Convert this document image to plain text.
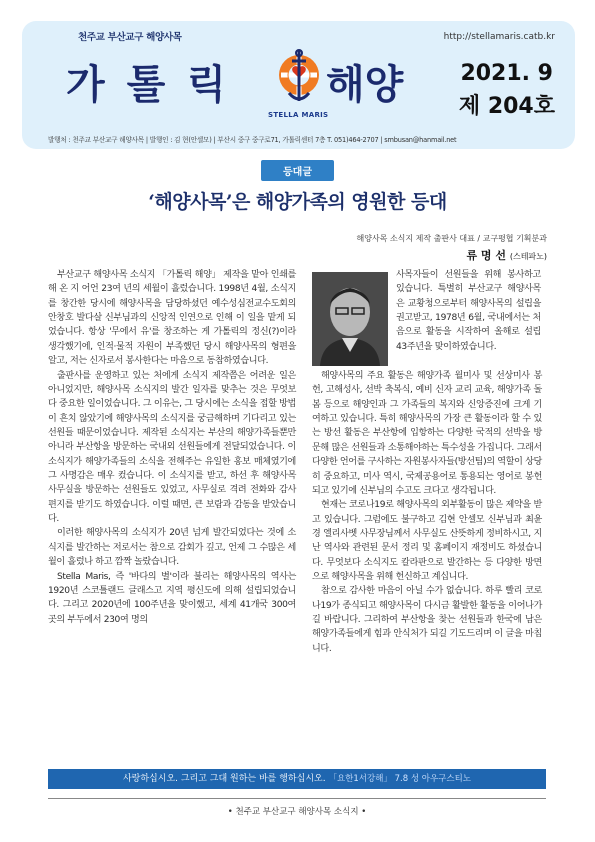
천주교 부산교구 해양사목	http://stellamaris.catb.kr
가톨릭
STELLA MARIS
해양	2021. 9
제 204호
발행처 : 천주교 부산교구 해양사목 | 발행인 : 김 현(안셀모) | 부산시 중구 중구로71, 가톨릭센터 7층 T. 051)464-2707 | smbusan@hanmail.net
등대글
‘해양사목’은 해양가족의 영원한 등대
해양사목 소식지 제작 출판사 대표 / 교구평협 기획분과
류 명 선 (스테파노)

부산교구 해양사목 소식지 「가톨릭 해양」 제작을 맡아 인쇄를 해 온 지 어언 23여 년의 세월이 흘렀습니다. 1998년 4월, 소식지를 창간한 당시에 해양사목을 담당하셨던 예수성심전교수도회의 안창호 발다살 신부님과의 신앙적 인연으로 인해 이 일을 맡게 되었습니다. 항상 '무에서 유'를 창조하는 게 가톨릭의 정신(?)이라 생각했기에, 인적·물적 자원이 부족했던 당시 해양사목의 형편을 알고, 저는 신자로서 봉사한다는 마음으로 동참하였습니다.

출판사를 운영하고 있는 처에게 소식지 제작쯤은 어려운 일은 아니었지만, 해양사목 소식지의 발간 일자를 맞추는 것은 무엇보다 중요한 일이었습니다. 그 이유는, 그 당시에는 소식을 접할 방법이 흔치 않았기에 해양사목의 소식지를 궁금해하며 기다리고 있는 선원들 때문이었습니다. 제작된 소식지는 부산의 해양가족들뿐만 아니라 부산항을 방문하는 국내외 선원들에게 전달되었습니다. 이 소식지가 해양가족들의 소식을 전해주는 유일한 홍보 매체였기에 그 사명감은 매우 컸습니다. 이 소식지를 받고, 하선 후 해양사목 사무실을 방문하는 선원들도 있었고, 사무실로 격려 전화와 감사 편지를 받기도 하였습니다. 이럴 때면, 큰 보람과 감동을 받았습니다.

이러한 해양사목의 소식지가 20년 넘게 발간되었다는 것에 소식지를 발간하는 저로서는 참으로 감회가 깊고, 언제 그 수많은 세월이 흘렀나 하고 깜짝 놀랐습니다.

Stella Maris, 즉 '바다의 별'이라 불리는 해양사목의 역사는 1920년 스코틀랜드 글래스고 지역 평신도에 의해 설립되었습니다. 그리고 2020년에 100주년을 맞이했고, 세계 41개국 300여 곳의 부두에서 230여 명의

사목자들이 선원들을 위해 봉사하고 있습니다. 특별히 부산교구 해양사목은 교황청으로부터 해양사목의 설립을 권고받고, 1978년 6월, 국내에서는 처음으로 활동을 시작하여 올해로 설립 43주년을 맞이하였습니다.

해양사목의 주요 활동은 해양가족 월미사 및 선상미사 봉헌, 고해성사, 선박 축복식, 예비 신자 교리 교육, 해양가족 돌봄 등으로 해양인과 그 가족들의 복지와 신앙증진에 크게 기여하고 있습니다. 특히 해양사목의 가장 큰 활동이라 할 수 있는 방선 활동은 부산항에 입항하는 다양한 국적의 선박을 방문해 많은 선원들과 소통해야하는 특수성을 가집니다. 그래서 다양한 언어를 구사하는 자원봉사자들(방선팀)의 역할이 상당히 중요하고, 미사 역시, 국제공용어로 통용되는 영어로 봉헌되고 있기에 신부님의 수고도 크다고 생각됩니다.

현재는 코로나19로 해양사목의 외부활동이 많은 제약을 받고 있습니다. 그럼에도 불구하고 김현 안셀모 신부님과 최윤경 엘리사벳 사무장님께서 사무실도 산뜻하게 정비하시고, 지난 역사와 관련된 문서 정리 및 홈페이지 재정비도 하셨습니다. 무엇보다 소식지도 칼라판으로 발간하는 등 다양한 방면으로 해양사목을 위해 헌신하고 계십니다.

참으로 감사한 마음이 아닐 수가 없습니다. 하루 빨리 코로나19가 종식되고 해양사목이 다시금 활발한 활동을 이어나가길 바랍니다. 그리하여 부산항을 찾는 선원들과 한국에 남은 해양가족들에게 힘과 안식처가 되길 기도드리며 이 글을 마칩니다.

사랑하십시오. 그리고 그대 원하는 바를 행하십시오. 「요한1서강해」 7.8 성 아우구스티노
• 천주교 부산교구 해양사목 소식지 •
